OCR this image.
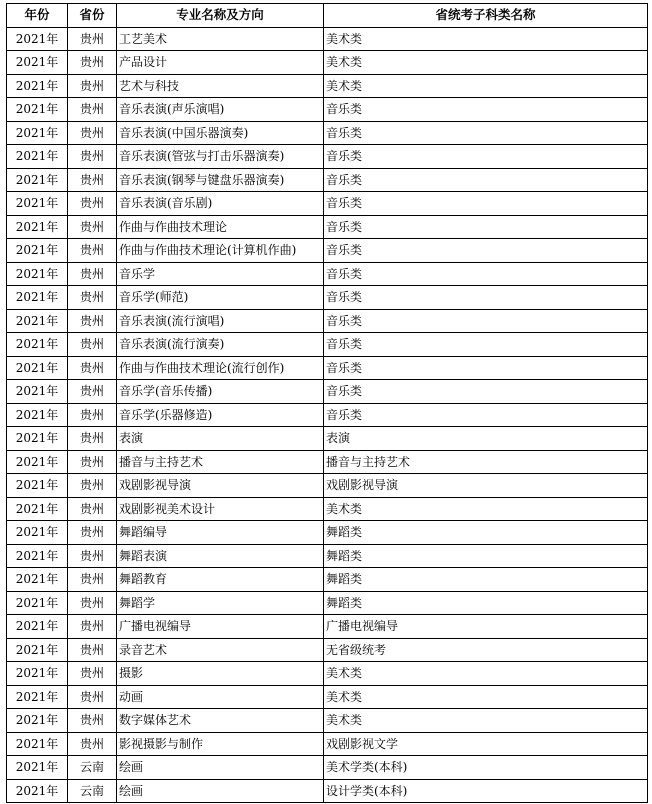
年份	省份	专业名称及方向	省统考子科类名称
2021年	贵州	工艺美术	美术类
2021年	贵州	产品设计	美术类
2021年	贵州	艺术与科技	美术类
2021年	贵州	音乐表演(声乐演唱)	音乐类
2021年	贵州	音乐表演(中国乐器演奏)	音乐类
2021年	贵州	音乐表演(管弦与打击乐器演奏)	音乐类
2021年	贵州	音乐表演(钢琴与键盘乐器演奏)	音乐类
2021年	贵州	音乐表演(音乐剧)	音乐类
2021年	贵州	作曲与作曲技术理论	音乐类
2021年	贵州	作曲与作曲技术理论(计算机作曲)	音乐类
2021年	贵州	音乐学	音乐类
2021年	贵州	音乐学(师范)	音乐类
2021年	贵州	音乐表演(流行演唱)	音乐类
2021年	贵州	音乐表演(流行演奏)	音乐类
2021年	贵州	作曲与作曲技术理论(流行创作)	音乐类
2021年	贵州	音乐学(音乐传播)	音乐类
2021年	贵州	音乐学(乐器修造)	音乐类
2021年	贵州	表演	表演
2021年	贵州	播音与主持艺术	播音与主持艺术
2021年	贵州	戏剧影视导演	戏剧影视导演
2021年	贵州	戏剧影视美术设计	美术类
2021年	贵州	舞蹈编导	舞蹈类
2021年	贵州	舞蹈表演	舞蹈类
2021年	贵州	舞蹈教育	舞蹈类
2021年	贵州	舞蹈学	舞蹈类
2021年	贵州	广播电视编导	广播电视编导
2021年	贵州	录音艺术	无省级统考
2021年	贵州	摄影	美术类
2021年	贵州	动画	美术类
2021年	贵州	数字媒体艺术	美术类
2021年	贵州	影视摄影与制作	戏剧影视文学
2021年	云南	绘画	美术学类(本科)
2021年	云南	绘画	设计学类(本科)
